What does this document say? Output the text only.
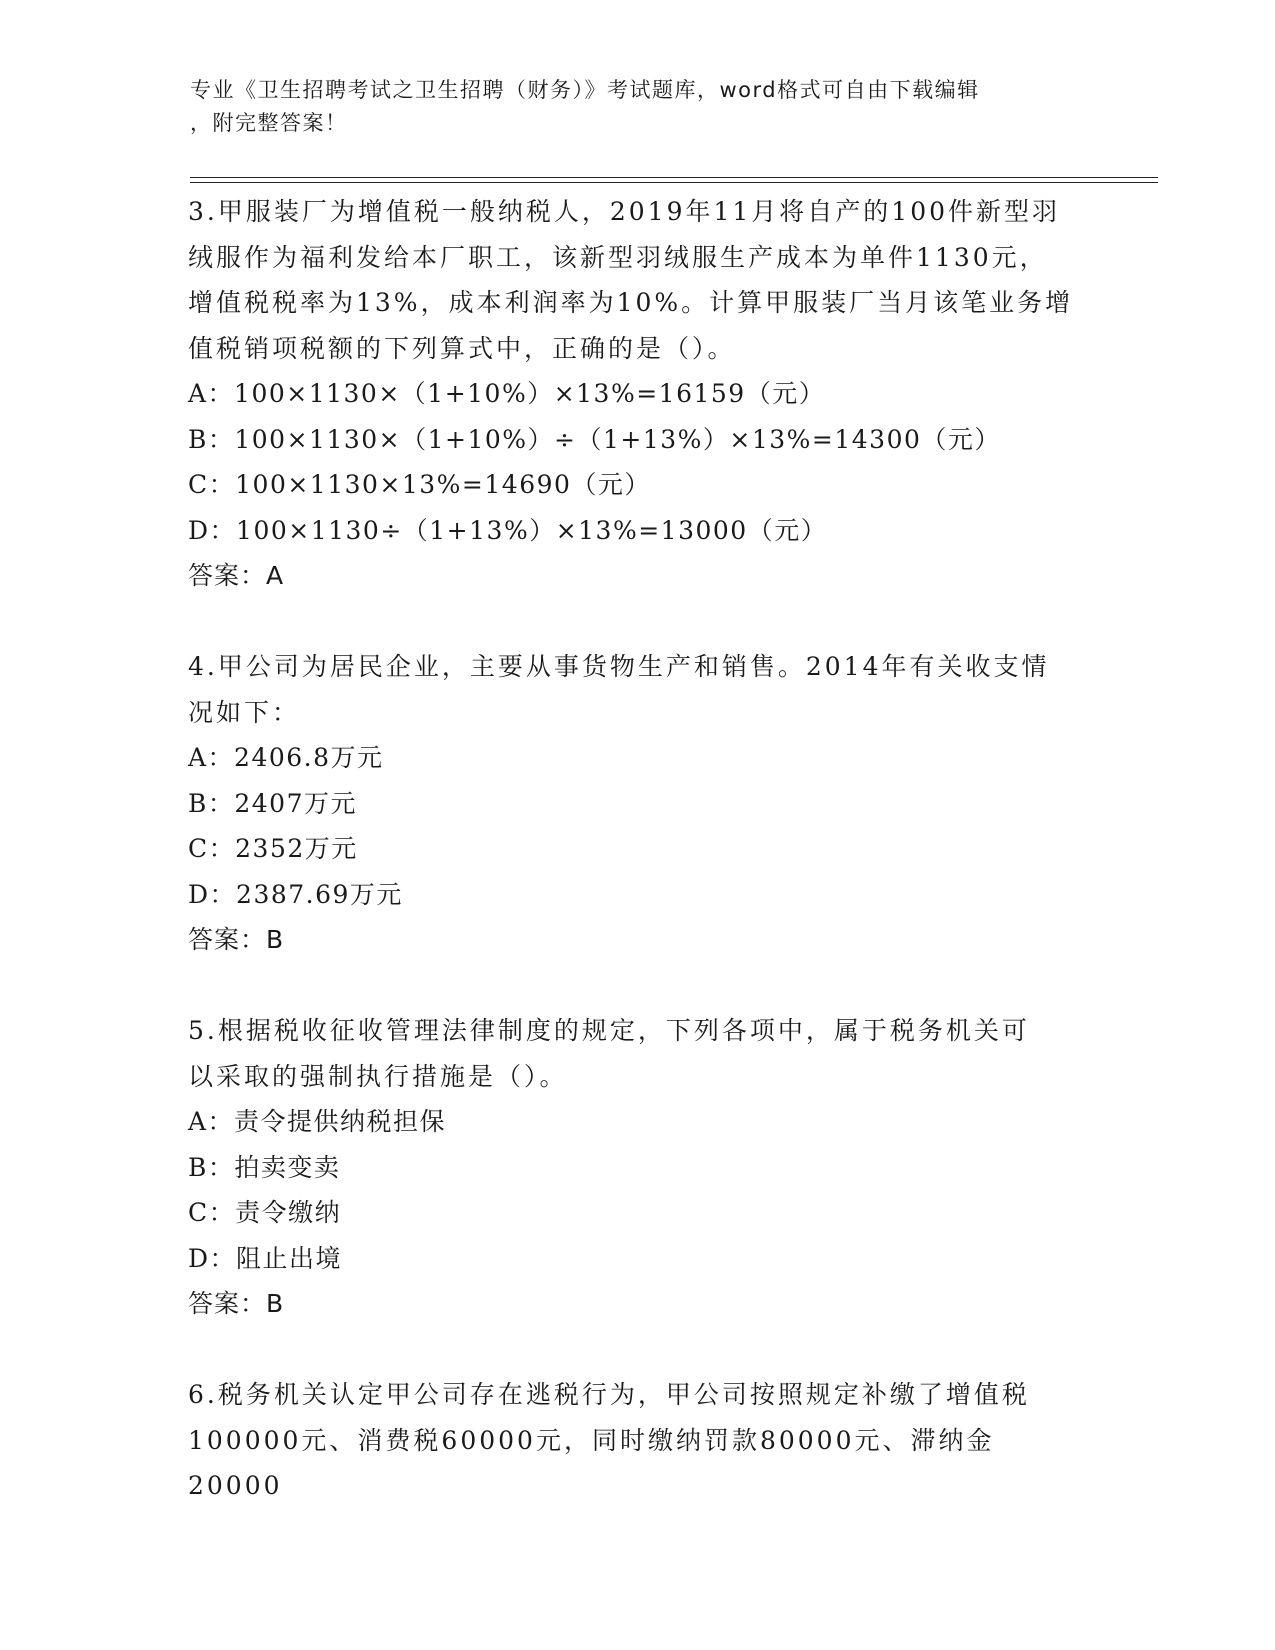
专业《卫生招聘考试之卫生招聘（财务）》考试题库，word格式可自由下载编辑
，附完整答案！

3.甲服装厂为增值税一般纳税人，2019年11月将自产的100件新型羽

绒服作为福利发给本厂职工，该新型羽绒服生产成本为单件1130元，

增值税税率为13%，成本利润率为10%。计算甲服装厂当月该笔业务增

值税销项税额的下列算式中，正确的是（）。

A：100×1130×（1+10%）×13%=16159（元）

B：100×1130×（1+10%）÷（1+13%）×13%=14300（元）

C：100×1130×13%=14690（元）

D：100×1130÷（1+13%）×13%=13000（元）

答案：A

4.甲公司为居民企业，主要从事货物生产和销售。2014年有关收支情

况如下：

A：2406.8万元

B：2407万元

C：2352万元

D：2387.69万元

答案：B

5.根据税收征收管理法律制度的规定，下列各项中，属于税务机关可

以采取的强制执行措施是（）。

A：责令提供纳税担保

B：拍卖变卖

C：责令缴纳

D：阻止出境

答案：B

6.税务机关认定甲公司存在逃税行为，甲公司按照规定补缴了增值税

100000元、消费税60000元，同时缴纳罚款80000元、滞纳金20000
